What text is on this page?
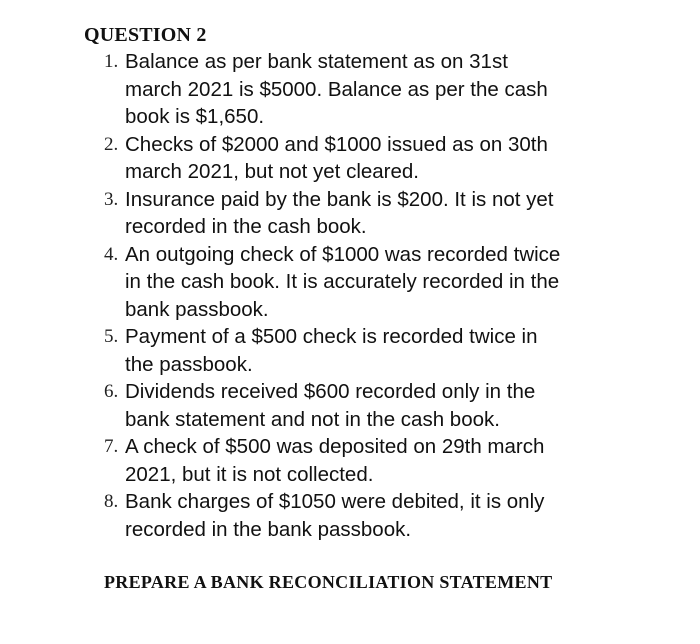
QUESTION 2
1. Balance as per bank statement as on 31st
march 2021 is $5000. Balance as per the cash
book is $1,650.
2. Checks of $2000 and $1000 issued as on 30th
march 2021, but not yet cleared.
3. Insurance paid by the bank is $200. It is not yet
recorded in the cash book.
4. An outgoing check of $1000 was recorded twice
in the cash book. It is accurately recorded in the
bank passbook.
5. Payment of a $500 check is recorded twice in
the passbook.
6. Dividends received $600 recorded only in the
bank statement and not in the cash book.
7. A check of $500 was deposited on 29th march
2021, but it is not collected.
8. Bank charges of $1050 were debited, it is only
recorded in the bank passbook.

PREPARE A BANK RECONCILIATION STATEMENT
